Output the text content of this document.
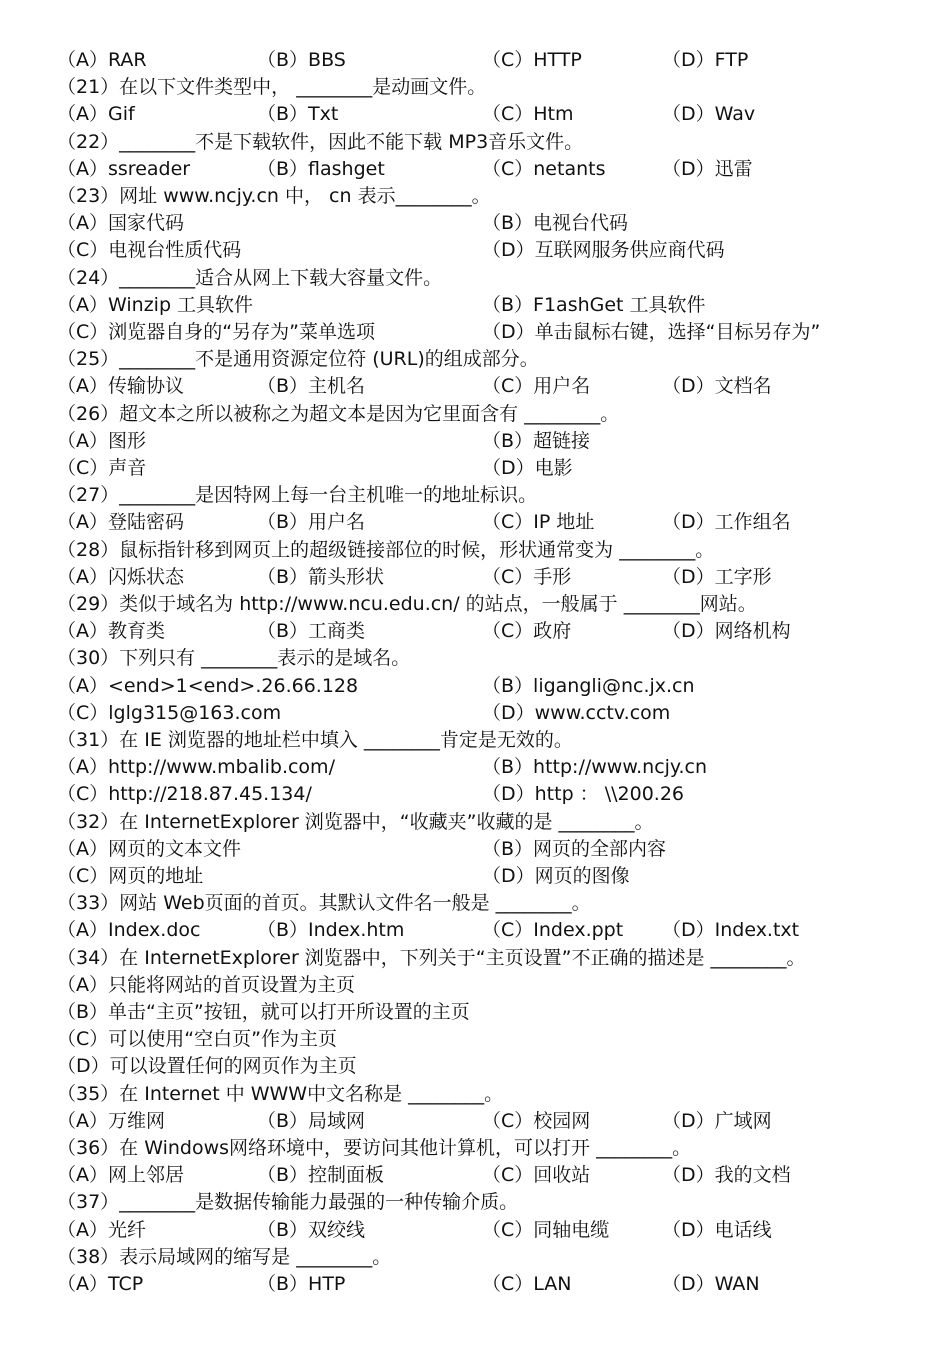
（A）RAR	（B）BBS	（C）HTTP	（D）FTP
（21）在以下文件类型中， ________是动画文件。
（A）Gif	（B）Txt	（C）Htm	（D）Wav
（22）________不是下载软件，因此不能下载 MP3音乐文件。
（A）ssreader	（B）flashget	（C）netants	（D）迅雷
（23）网址 www.ncjy.cn 中， cn 表示________。
（A）国家代码	（B）电视台代码
（C）电视台性质代码	（D）互联网服务供应商代码
（24）________适合从网上下载大容量文件。
（A）Winzip 工具软件	（B）F1ashGet 工具软件
（C）浏览器自身的“另存为”菜单选项	（D）单击鼠标右键，选择“目标另存为”
（25）________不是通用资源定位符 (URL)的组成部分。
（A）传输协议	（B）主机名	（C）用户名	（D）文档名
（26）超文本之所以被称之为超文本是因为它里面含有 ________。
（A）图形	（B）超链接
（C）声音	（D）电影
（27）________是因特网上每一台主机唯一的地址标识。
（A）登陆密码	（B）用户名	（C）IP 地址	（D）工作组名
（28）鼠标指针移到网页上的超级链接部位的时候，形状通常变为 ________。
（A）闪烁状态	（B）箭头形状	（C）手形	（D）工字形
（29）类似于域名为 http://www.ncu.edu.cn/ 的站点，一般属于 ________网站。
（A）教育类	（B）工商类	（C）政府	（D）网络机构
（30）下列只有 ________表示的是域名。
（A）<end>1<end>.26.66.128	（B）ligangli@nc.jx.cn
（C）lglg315@163.com	（D）www.cctv.com
（31）在 IE 浏览器的地址栏中填入 ________肯定是无效的。
（A）http://www.mbalib.com/	（B）http://www.ncjy.cn
（C）http://218.87.45.134/	（D）http ： \\200.26
（32）在 InternetExplorer 浏览器中，“收藏夹”收藏的是 ________。
（A）网页的文本文件	（B）网页的全部内容
（C）网页的地址	（D）网页的图像
（33）网站 Web页面的首页。其默认文件名一般是 ________。
（A）Index.doc	（B）Index.htm	（C）Index.ppt （D）Index.txt
（34）在 InternetExplorer 浏览器中，下列关于“主页设置”不正确的描述是 ________。
（A）只能将网站的首页设置为主页
（B）单击“主页”按钮，就可以打开所设置的主页
（C）可以使用“空白页”作为主页
（D）可以设置任何的网页作为主页
（35）在 Internet 中 WWW中文名称是 ________。
（A）万维网	（B）局域网	（C）校园网	（D）广域网
（36）在 Windows网络环境中，要访问其他计算机，可以打开 ________。
（A）网上邻居	（B）控制面板	（C）回收站	（D）我的文档
（37）________是数据传输能力最强的一种传输介质。
（A）光纤	（B）双绞线	（C）同轴电缆	（D）电话线
（38）表示局域网的缩写是 ________。
（A）TCP	（B）HTP	（C）LAN	（D）WAN
